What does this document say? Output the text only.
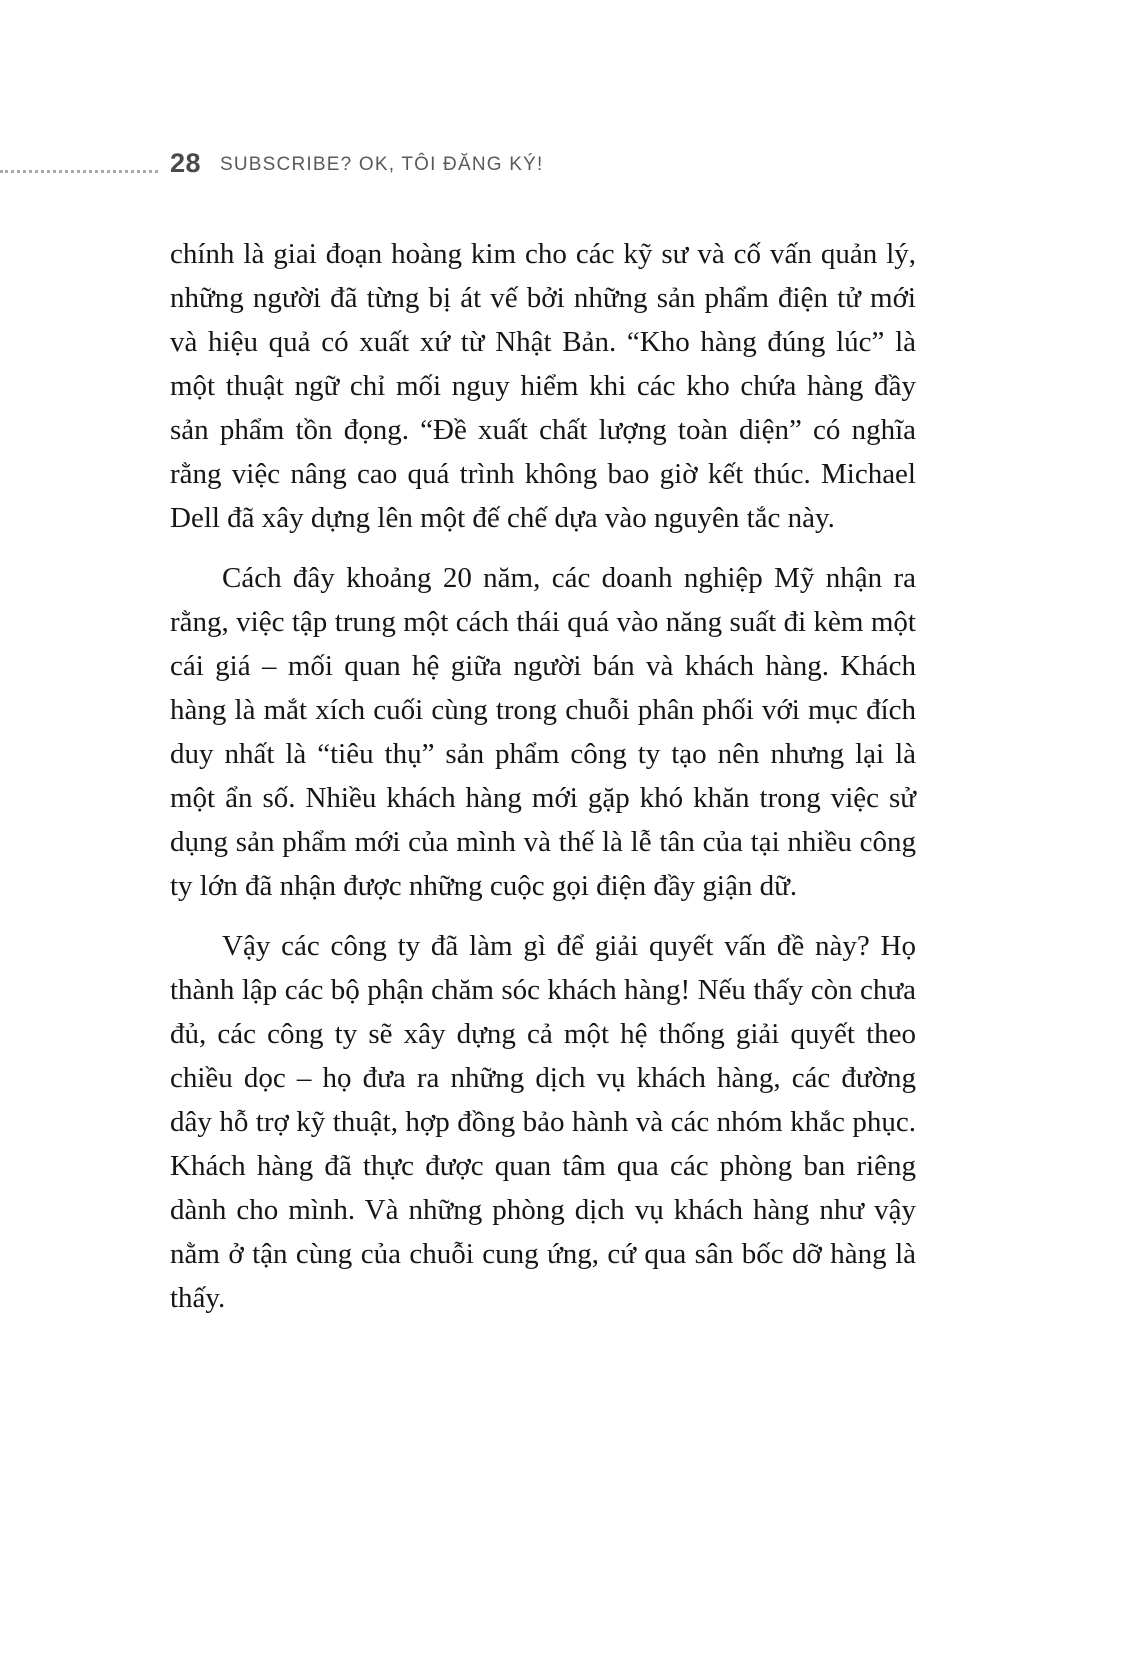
28 SUBSCRIBE? OK, TÔI ĐĂNG KÝ!

chính là giai đoạn hoàng kim cho các kỹ sư và cố vấn quản lý, những người đã từng bị át vế bởi những sản phẩm điện tử mới và hiệu quả có xuất xứ từ Nhật Bản. “Kho hàng đúng lúc” là một thuật ngữ chỉ mối nguy hiểm khi các kho chứa hàng đầy sản phẩm tồn đọng. “Đề xuất chất lượng toàn diện” có nghĩa rằng việc nâng cao quá trình không bao giờ kết thúc. Michael Dell đã xây dựng lên một đế chế dựa vào nguyên tắc này.

Cách đây khoảng 20 năm, các doanh nghiệp Mỹ nhận ra rằng, việc tập trung một cách thái quá vào năng suất đi kèm một cái giá – mối quan hệ giữa người bán và khách hàng. Khách hàng là mắt xích cuối cùng trong chuỗi phân phối với mục đích duy nhất là “tiêu thụ” sản phẩm công ty tạo nên nhưng lại là một ẩn số. Nhiều khách hàng mới gặp khó khăn trong việc sử dụng sản phẩm mới của mình và thế là lễ tân của tại nhiều công ty lớn đã nhận được những cuộc gọi điện đầy giận dữ.

Vậy các công ty đã làm gì để giải quyết vấn đề này? Họ thành lập các bộ phận chăm sóc khách hàng! Nếu thấy còn chưa đủ, các công ty sẽ xây dựng cả một hệ thống giải quyết theo chiều dọc – họ đưa ra những dịch vụ khách hàng, các đường dây hỗ trợ kỹ thuật, hợp đồng bảo hành và các nhóm khắc phục. Khách hàng đã thực được quan tâm qua các phòng ban riêng dành cho mình. Và những phòng dịch vụ khách hàng như vậy nằm ở tận cùng của chuỗi cung ứng, cứ qua sân bốc dỡ hàng là thấy.
